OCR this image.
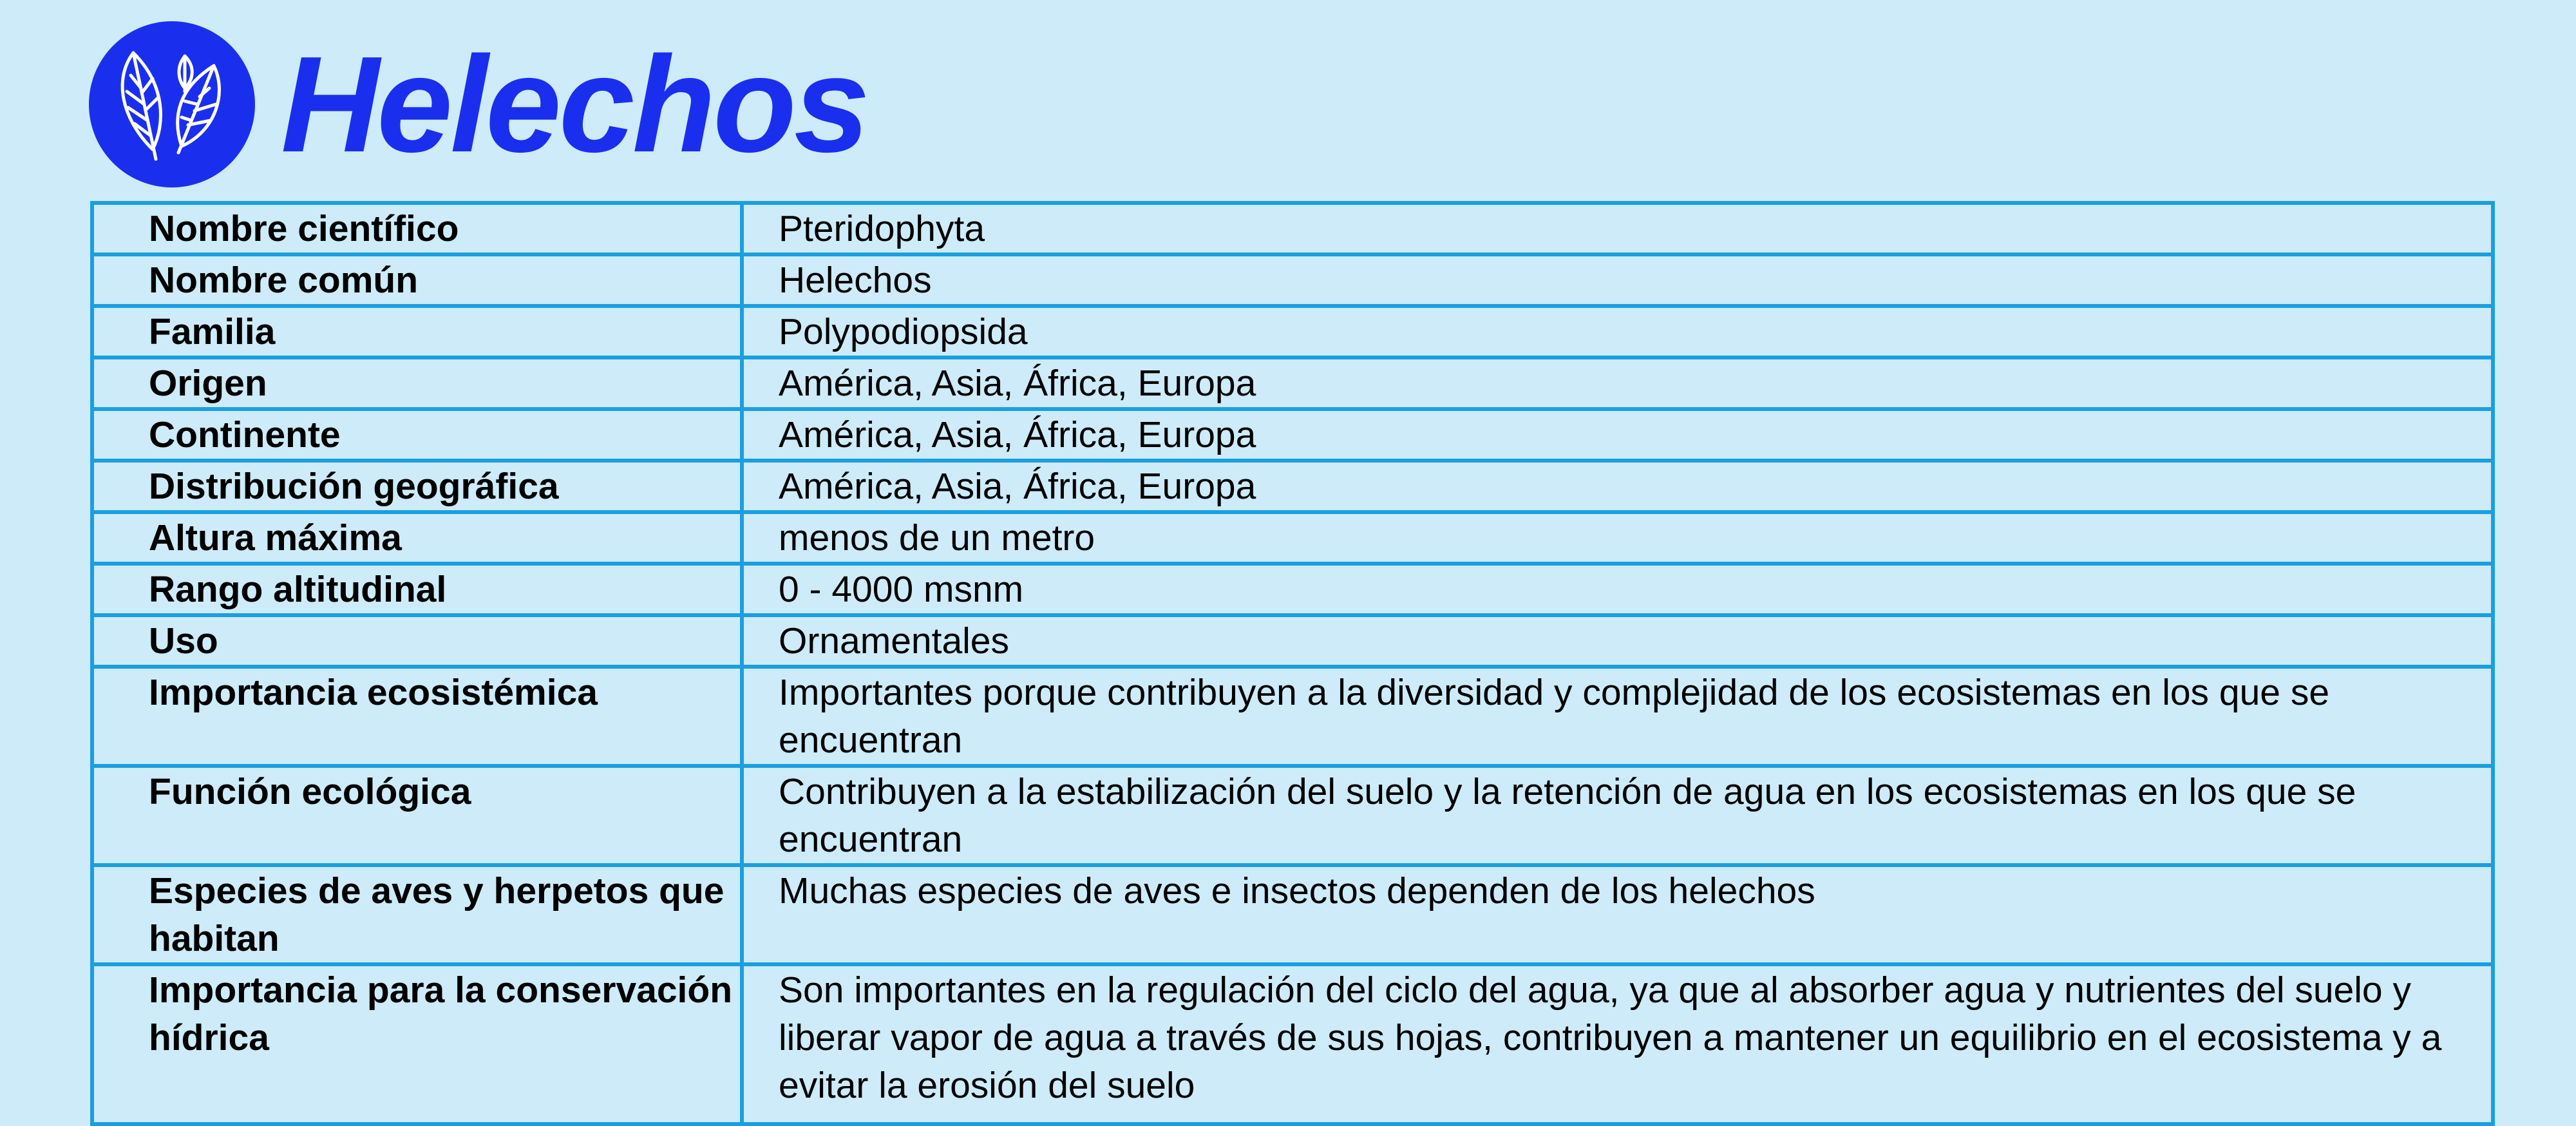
Helechos
Nombre científico	Pteridophyta
Nombre común	Helechos
Familia	Polypodiopsida
Origen	América, Asia, África, Europa
Continente	América, Asia, África, Europa
Distribución geográfica	América, Asia, África, Europa
Altura máxima	menos de un metro
Rango altitudinal	0 - 4000 msnm
Uso	Ornamentales
Importancia ecosistémica	Importantes porque contribuyen a la diversidad y complejidad de los ecosistemas en los que se encuentran
Función ecológica	Contribuyen a la estabilización del suelo y la retención de agua en los ecosistemas en los que se encuentran
Especies de aves y herpetos que habitan	Muchas especies de aves e insectos dependen de los helechos
Importancia para la conservación hídrica	Son importantes en la regulación del ciclo del agua, ya que al absorber agua y nutrientes del suelo y liberar vapor de agua a través de sus hojas, contribuyen a mantener un equilibrio en el ecosistema y a evitar la erosión del suelo
